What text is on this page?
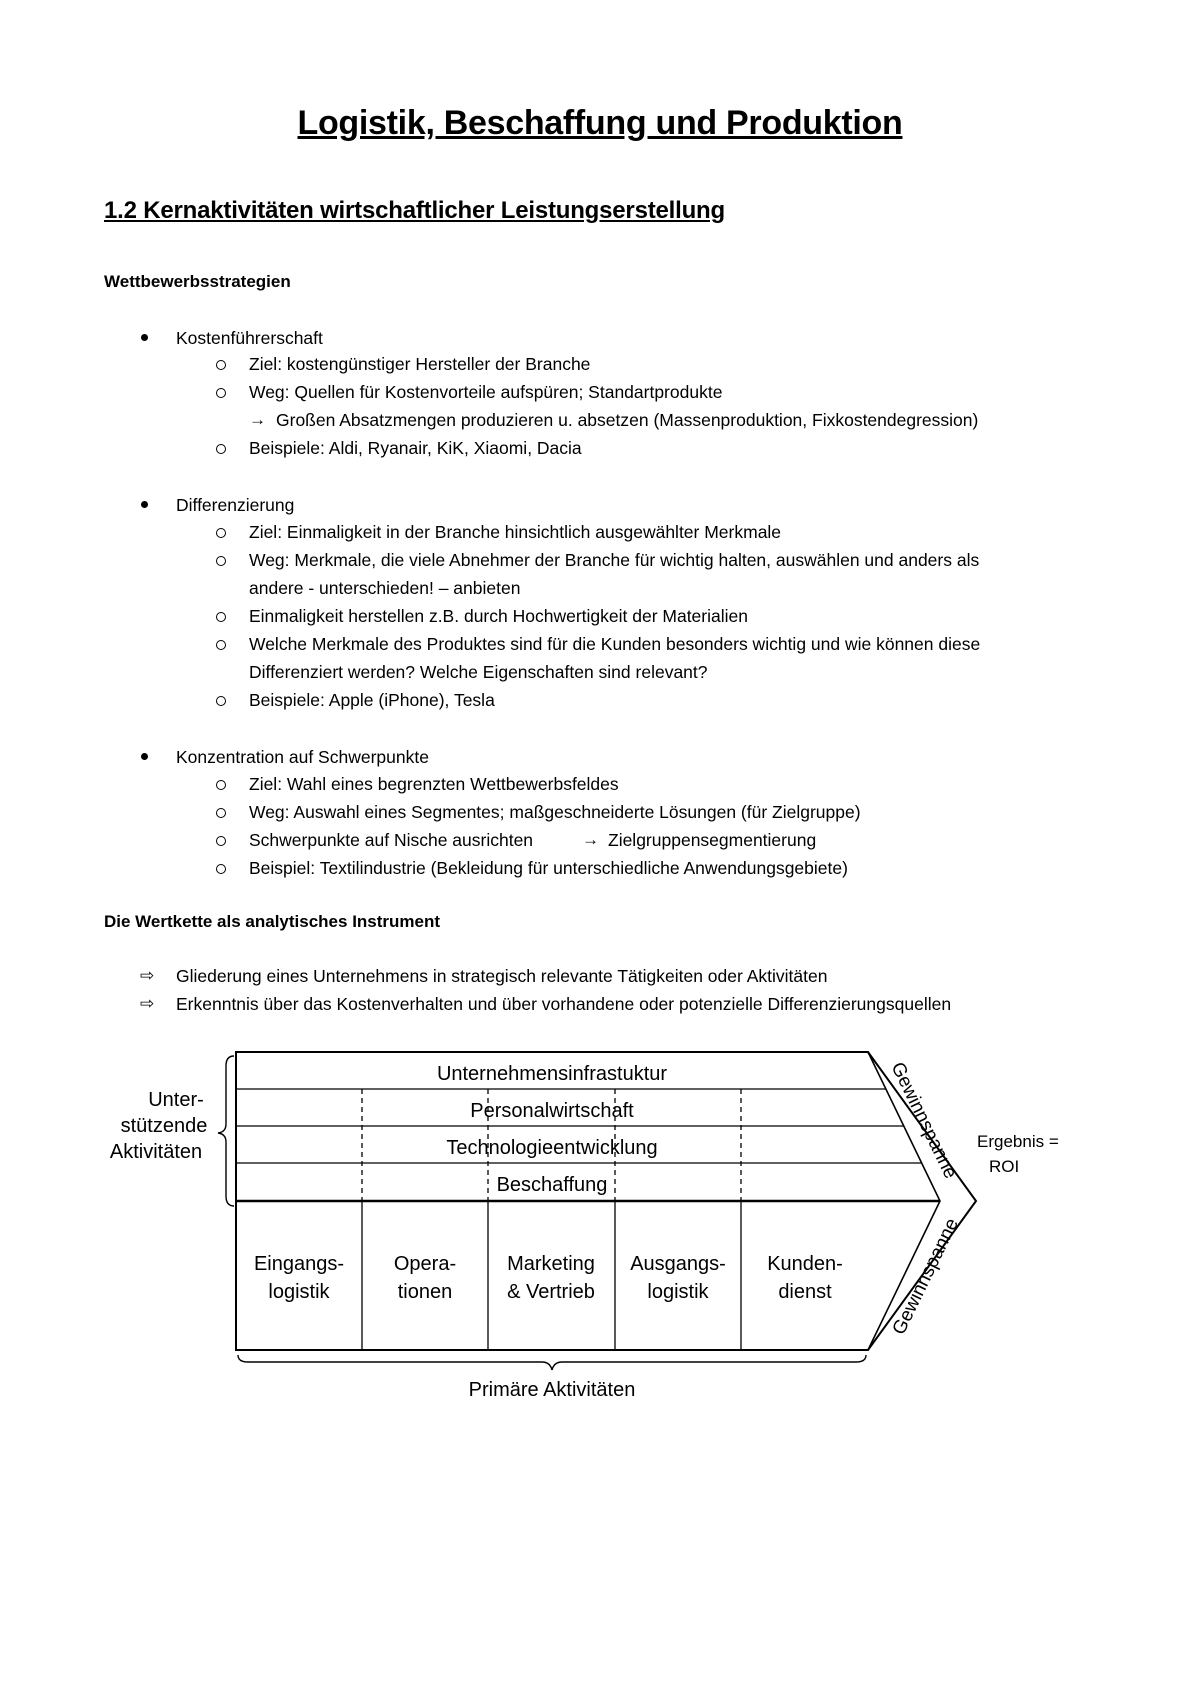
Logistik, Beschaffung und Produktion
1.2 Kernaktivitäten wirtschaftlicher Leistungserstellung
Wettbewerbsstrategien
Kostenführerschaft
Ziel: kostengünstiger Hersteller der Branche
Weg: Quellen für Kostenvorteile aufspüren; Standartprodukte
→ Großen Absatzmengen produzieren u. absetzen (Massenproduktion, Fixkostendegression)
Beispiele: Aldi, Ryanair, KiK, Xiaomi, Dacia
Differenzierung
Ziel: Einmaligkeit in der Branche hinsichtlich ausgewählter Merkmale
Weg: Merkmale, die viele Abnehmer der Branche für wichtig halten, auswählen und anders als
andere - unterschieden! – anbieten
Einmaligkeit herstellen z.B. durch Hochwertigkeit der Materialien
Welche Merkmale des Produktes sind für die Kunden besonders wichtig und wie können diese
Differenziert werden? Welche Eigenschaften sind relevant?
Beispiele: Apple (iPhone), Tesla
Konzentration auf Schwerpunkte
Ziel: Wahl eines begrenzten Wettbewerbsfeldes
Weg: Auswahl eines Segmentes; maßgeschneiderte Lösungen (für Zielgruppe)
Schwerpunkte auf Nische ausrichten	→ Zielgruppensegmentierung
Beispiel: Textilindustrie (Bekleidung für unterschiedliche Anwendungsgebiete)
Die Wertkette als analytisches Instrument
⇨ Gliederung eines Unternehmens in strategisch relevante Tätigkeiten oder Aktivitäten
⇨ Erkenntnis über das Kostenverhalten und über vorhandene oder potenzielle Differenzierungsquellen
Unternehmensinfrastuktur
Personalwirtschaft
Technologieentwicklung
Beschaffung
Eingangs-
logistik
Opera-
tionen
Marketing
& Vertrieb
Ausgangs-
logistik
Kunden-
dienst
Gewinnspanne
Gewinnspanne
Unter-
stützende
Aktivitäten	Ergebnis =
ROI
Primäre Aktivitäten
